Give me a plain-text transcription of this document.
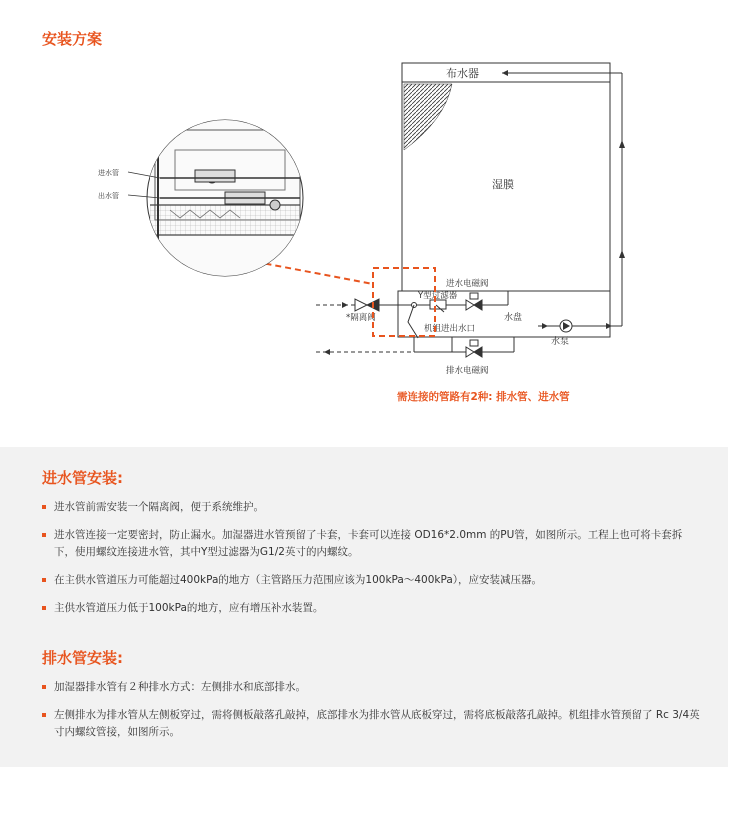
安装方案
布水器
湿膜
水盘
水泵
*隔离阀
Y型过滤器
进水电磁阀
机组进出水口
排水电磁阀
进水管
出水管
需连接的管路有2种: 排水管、进水管
进水管安装:
进水管前需安装一个隔离阀，便于系统维护。
进水管连接一定要密封，防止漏水。加湿器进水管预留了卡套，卡套可以连接 OD16*2.0mm 的PU管，如图所示。工程上也可将卡套拆下，使用螺纹连接进水管，其中Y型过滤器为G1/2英寸的内螺纹。
在主供水管道压力可能超过400kPa的地方（主管路压力范围应该为100kPa～400kPa），应安装减压器。
主供水管道压力低于100kPa的地方，应有增压补水装置。
排水管安装:
加湿器排水管有２种排水方式：左侧排水和底部排水。
左侧排水为排水管从左侧板穿过，需将侧板敲落孔敲掉，底部排水为排水管从底板穿过，需将底板敲落孔敲掉。机组排水管预留了 Rc 3/4英寸内螺纹管接，如图所示。
